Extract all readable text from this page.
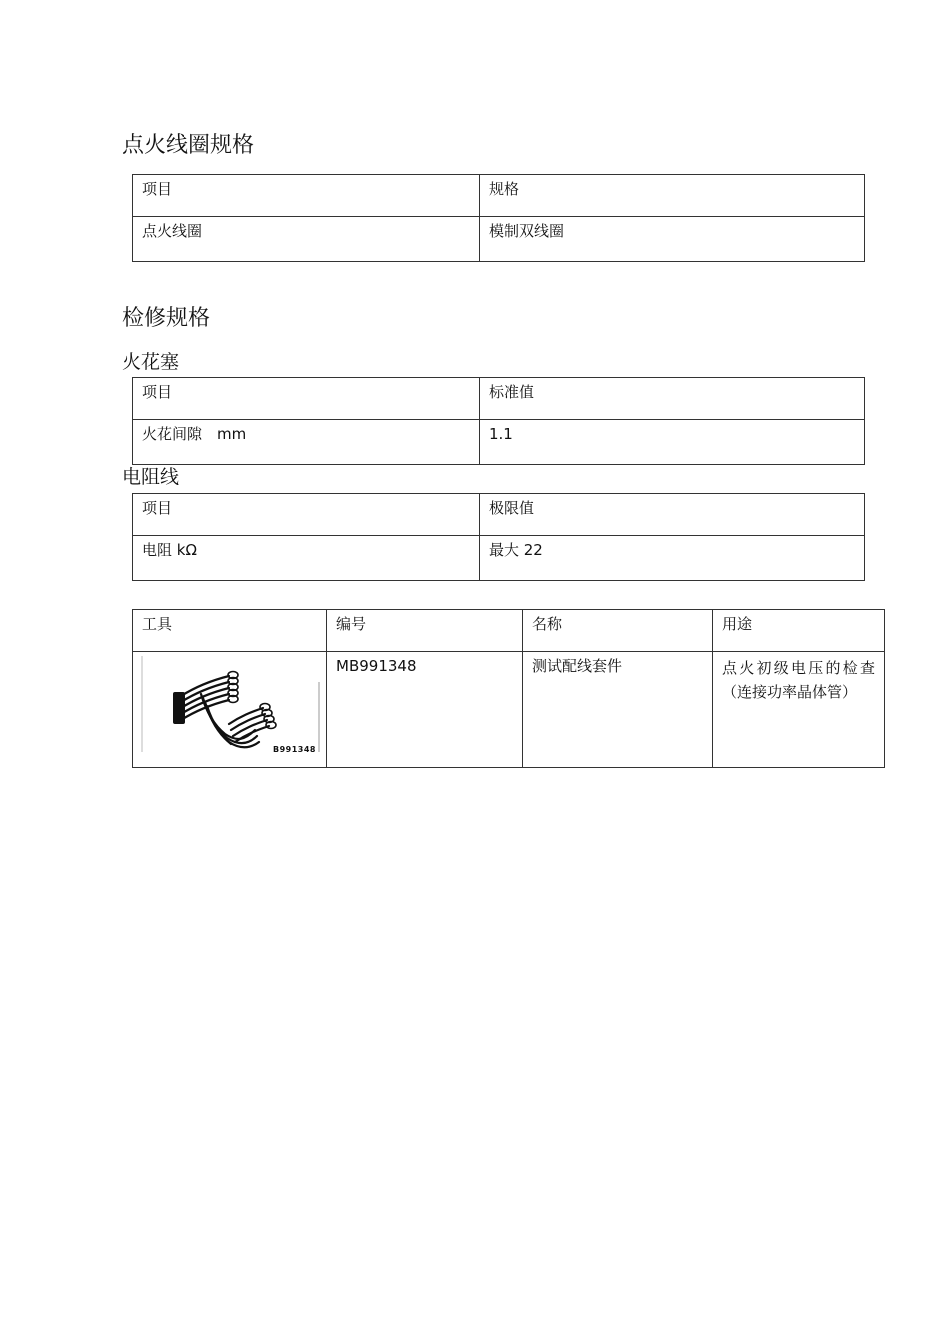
点火线圈规格
项目	规格
点火线圈	模制双线圈
检修规格
火花塞
项目	标准值
火花间隙　mm	1.1
电阻线
项目	极限值
电阻 kΩ	最大 22
工具	编号	名称	用途

B991348	MB991348	测试配线套件	点火初级电压的检查（连接功率晶体管）
